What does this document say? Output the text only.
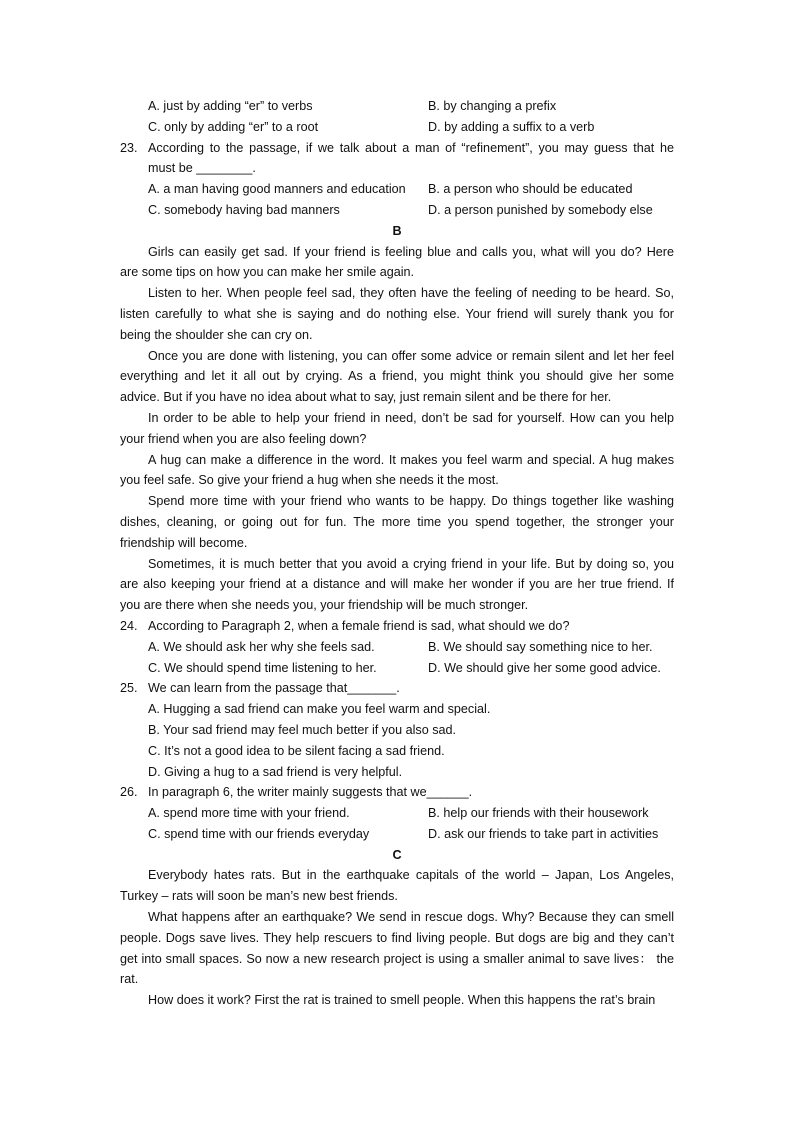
A. just by adding “er” to verbs	B. by changing a prefix
C. only by adding “er” to a root	D. by adding a suffix to a verb
23. According to the passage, if we talk about a man of “refinement”, you may guess that he
must be ________.
A. a man having good manners and education B. a person who should be educated
C. somebody having bad manners	D. a person punished by somebody else
B
Girls can easily get sad. If your friend is feeling blue and calls you, what will you do? Here
are some tips on how you can make her smile again.
Listen to her. When people feel sad, they often have the feeling of needing to be heard. So,
listen carefully to what she is saying and do nothing else. Your friend will surely thank you for
being the shoulder she can cry on.
Once you are done with listening, you can offer some advice or remain silent and let her feel
everything and let it all out by crying. As a friend, you might think you should give her some
advice. But if you have no idea about what to say, just remain silent and be there for her.
In order to be able to help your friend in need, don’t be sad for yourself. How can you help
your friend when you are also feeling down?
A hug can make a difference in the word. It makes you feel warm and special. A hug makes
you feel safe. So give your friend a hug when she needs it the most.
Spend more time with your friend who wants to be happy. Do things together like washing
dishes, cleaning, or going out for fun. The more time you spend together, the stronger your
friendship will become.
Sometimes, it is much better that you avoid a crying friend in your life. But by doing so, you
are also keeping your friend at a distance and will make her wonder if you are her true friend. If
you are there when she needs you, your friendship will be much stronger.
24. According to Paragraph 2, when a female friend is sad, what should we do?
A. We should ask her why she feels sad.	B. We should say something nice to her.
C. We should spend time listening to her.	D. We should give her some good advice.
25. We can learn from the passage that_______.
A. Hugging a sad friend can make you feel warm and special.
B. Your sad friend may feel much better if you also sad.
C. It’s not a good idea to be silent facing a sad friend.
D. Giving a hug to a sad friend is very helpful.
26. In paragraph 6, the writer mainly suggests that we______.
A. spend more time with your friend.	B. help our friends with their housework
C. spend time with our friends everyday	D. ask our friends to take part in activities
C
Everybody hates rats. But in the earthquake capitals of the world – Japan, Los Angeles,
Turkey – rats will soon be man’s new best friends.
What happens after an earthquake? We send in rescue dogs. Why? Because they can smell
people. Dogs save lives. They help rescuers to find living people. But dogs are big and they can’t
get into small spaces. So now a new research project is using a smaller animal to save lives： the
rat.
How does it work? First the rat is trained to smell people. When this happens the rat’s brain
